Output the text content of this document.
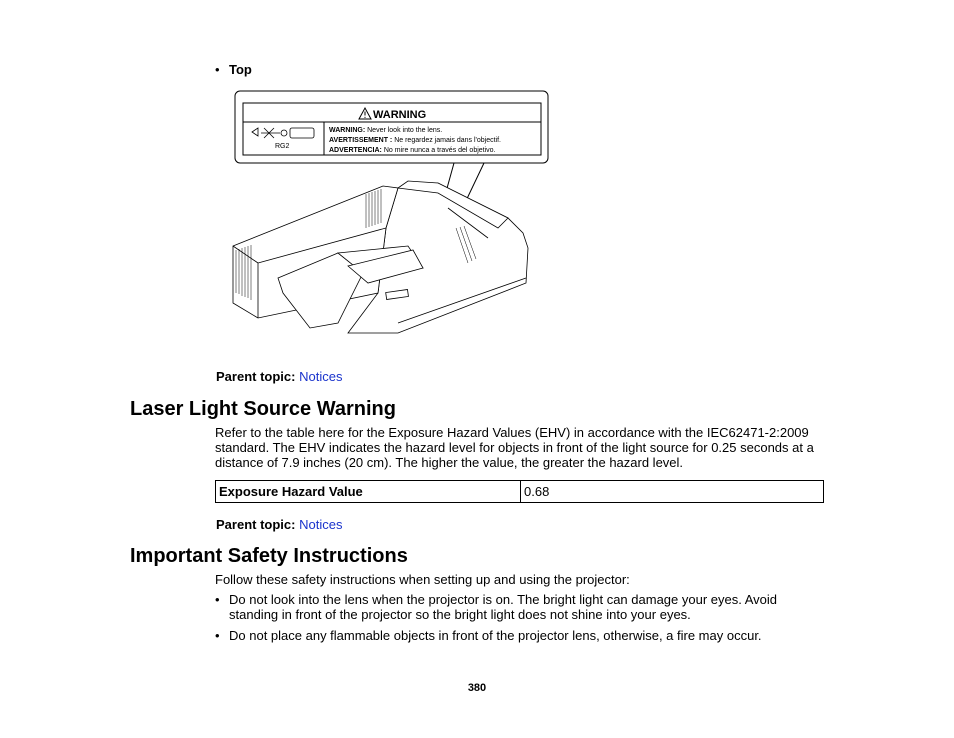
• Top
WARNING
RG2
WARNING: Never look into the lens.
AVERTISSEMENT : Ne regardez jamais dans l'objectif.
ADVERTENCIA: No mire nunca a través del objetivo.
Parent topic: Notices
Laser Light Source Warning
Refer to the table here for the Exposure Hazard Values (EHV) in accordance with the IEC62471-2:2009
standard. The EHV indicates the hazard level for objects in front of the light source for 0.25 seconds at a
distance of 7.9 inches (20 cm). The higher the value, the greater the hazard level.
Exposure Hazard Value	0.68
Parent topic: Notices
Important Safety Instructions
Follow these safety instructions when setting up and using the projector:
• Do not look into the lens when the projector is on. The bright light can damage your eyes. Avoid
standing in front of the projector so the bright light does not shine into your eyes.
• Do not place any flammable objects in front of the projector lens, otherwise, a fire may occur.
380
